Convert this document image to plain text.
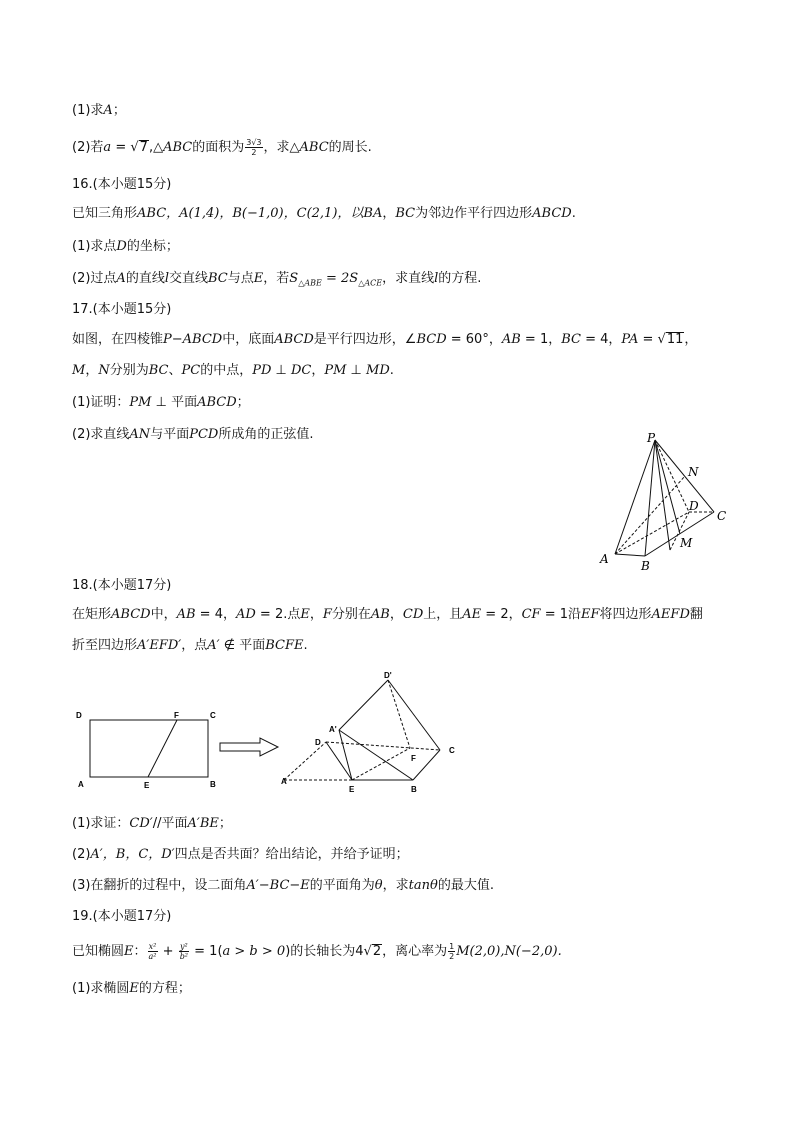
(1)求A；
(2)若a = √7,△ABC的面积为 $\frac{3√3}{2}$ ，求△ABC的周长.
16.(本小题15分)
已知三角形ABC，A(1,4)，B(−1,0)，C(2,1)，以BA，BC为邻边作平行四边形ABCD.
(1)求点D的坐标；
(2)过点A的直线l交直线BC与点E，若$S_{\triangle ABE} = 2S_{\triangle ACE}$，求直线l的方程.
17.(本小题15分)
如图，在四棱锥P−ABCD中，底面ABCD是平行四边形，∠BCD = 60°，AB = 1，BC = 4，PA = √11，
M，N分别为BC、PC的中点，PD ⊥ DC，PM ⊥ MD.
(1)证明：PM ⊥ 平面ABCD；
(2)求直线AN与平面PCD所成角的正弦值.	P
N
D
C
M
A	B
18.(本小题17分)
在矩形ABCD中，AB = 4，AD = 2.点E，F分别在AB，CD上，且AE = 2，CF = 1沿EF将四边形AEFD翻
折至四边形A′EFD′，点A′ ∉ 平面BCFE.
D	F	C
A	E	B
D'
A'
D
F
C
A
E	B
(1)求证：CD′//平面A′BE；
(2)A′，B，C，D′四点是否共面？给出结论，并给予证明；
(3)在翻折的过程中，设二面角A′−BC−E的平面角为θ，求tanθ的最大值.
19.(本小题17分)
已知椭圆E： $\frac{\text{x²}}{\text{a²}} + \frac{\text{y²}}{\text{b²}} = 1(a > b > 0)$的长轴长为4√2，离心率为 $\frac{1}{2} M(2,0),N(-2,0)$.
(1)求椭圆E的方程；
